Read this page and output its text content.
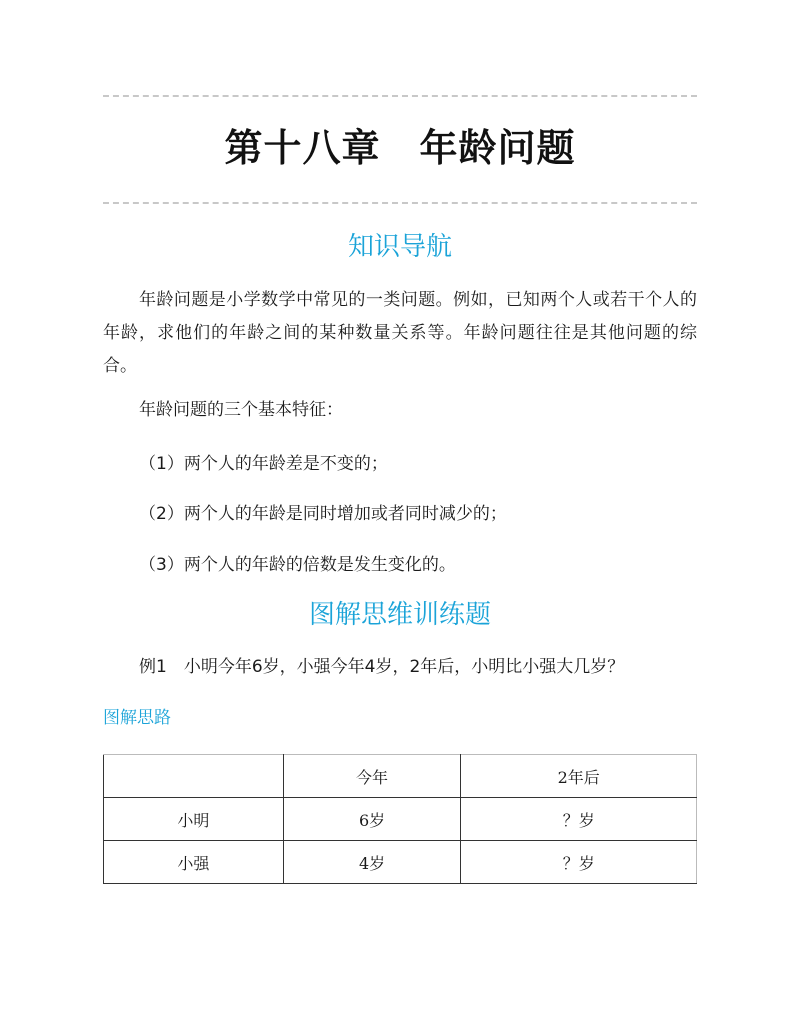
第十八章　年龄问题
知识导航
年龄问题是小学数学中常见的一类问题。例如，已知两个人或若干个人的年龄，求他们的年龄之间的某种数量关系等。年龄问题往往是其他问题的综合。
年龄问题的三个基本特征：
（1）两个人的年龄差是不变的；
（2）两个人的年龄是同时增加或者同时减少的；
（3）两个人的年龄的倍数是发生变化的。
图解思维训练题
例1　小明今年6岁，小强今年4岁，2年后，小明比小强大几岁？
图解思路
	今年	2年后
小明	6岁	？岁
小强	4岁	？岁
